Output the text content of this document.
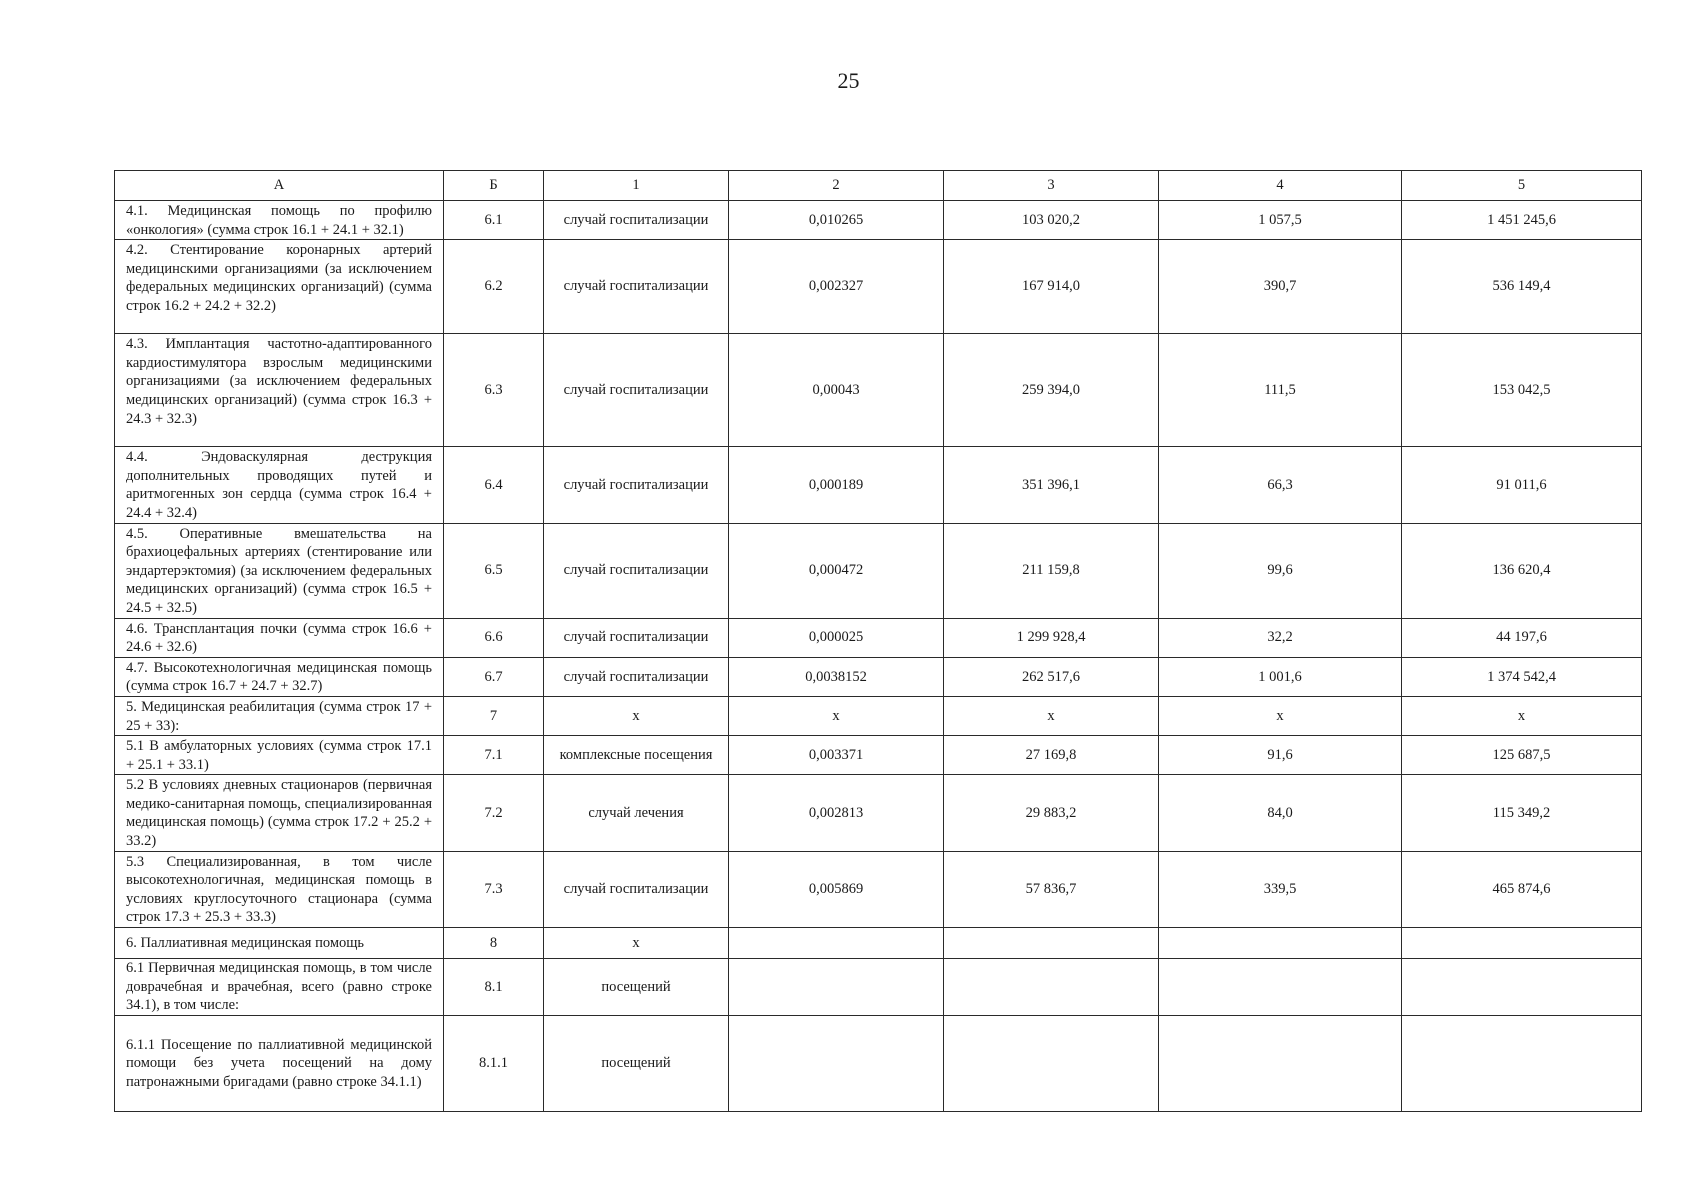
25
А	Б	1	2	3	4	5
4.1. Медицинская помощь по профилю «онкология» (сумма строк 16.1 + 24.1 + 32.1)	6.1	случай госпитализации	0,010265	103 020,2	1 057,5	1 451 245,6
4.2. Стентирование коронарных артерий медицинскими организациями (за исключением федеральных медицинских организаций) (сумма строк 16.2 + 24.2 + 32.2)	6.2	случай госпитализации	0,002327	167 914,0	390,7	536 149,4
4.3. Имплантация частотно-адаптированного кардиостимулятора взрослым медицинскими организациями (за исключением федеральных медицинских организаций) (сумма строк 16.3 + 24.3 + 32.3)	6.3	случай госпитализации	0,00043	259 394,0	111,5	153 042,5
4.4. Эндоваскулярная деструкция дополнительных проводящих путей и аритмогенных зон сердца (сумма строк 16.4 + 24.4 + 32.4)	6.4	случай госпитализации	0,000189	351 396,1	66,3	91 011,6
4.5. Оперативные вмешательства на брахиоцефальных артериях (стентирование или эндартерэктомия) (за исключением федеральных медицинских организаций) (сумма строк 16.5 + 24.5 + 32.5)	6.5	случай госпитализации	0,000472	211 159,8	99,6	136 620,4
4.6. Трансплантация почки (сумма строк 16.6 + 24.6 + 32.6)	6.6	случай госпитализации	0,000025	1 299 928,4	32,2	44 197,6
4.7. Высокотехнологичная медицинская помощь (сумма строк 16.7 + 24.7 + 32.7)	6.7	случай госпитализации	0,0038152	262 517,6	1 001,6	1 374 542,4
5. Медицинская реабилитация (сумма строк 17 + 25 + 33):	7	х	х	х	х	х
5.1 В амбулаторных условиях (сумма строк 17.1 + 25.1 + 33.1)	7.1	комплексные посещения	0,003371	27 169,8	91,6	125 687,5
5.2 В условиях дневных стационаров (первичная медико-санитарная помощь, специализированная медицинская помощь) (сумма строк 17.2 + 25.2 + 33.2)	7.2	случай лечения	0,002813	29 883,2	84,0	115 349,2
5.3 Специализированная, в том числе высокотехнологичная, медицинская помощь в условиях круглосуточного стационара (сумма строк 17.3 + 25.3 + 33.3)	7.3	случай госпитализации	0,005869	57 836,7	339,5	465 874,6
6. Паллиативная медицинская помощь	8	х				
6.1 Первичная медицинская помощь, в том числе доврачебная и врачебная, всего (равно строке 34.1), в том числе:	8.1	посещений				
6.1.1 Посещение по паллиативной медицинской помощи без учета посещений на дому патронажными бригадами (равно строке 34.1.1)	8.1.1	посещений				
